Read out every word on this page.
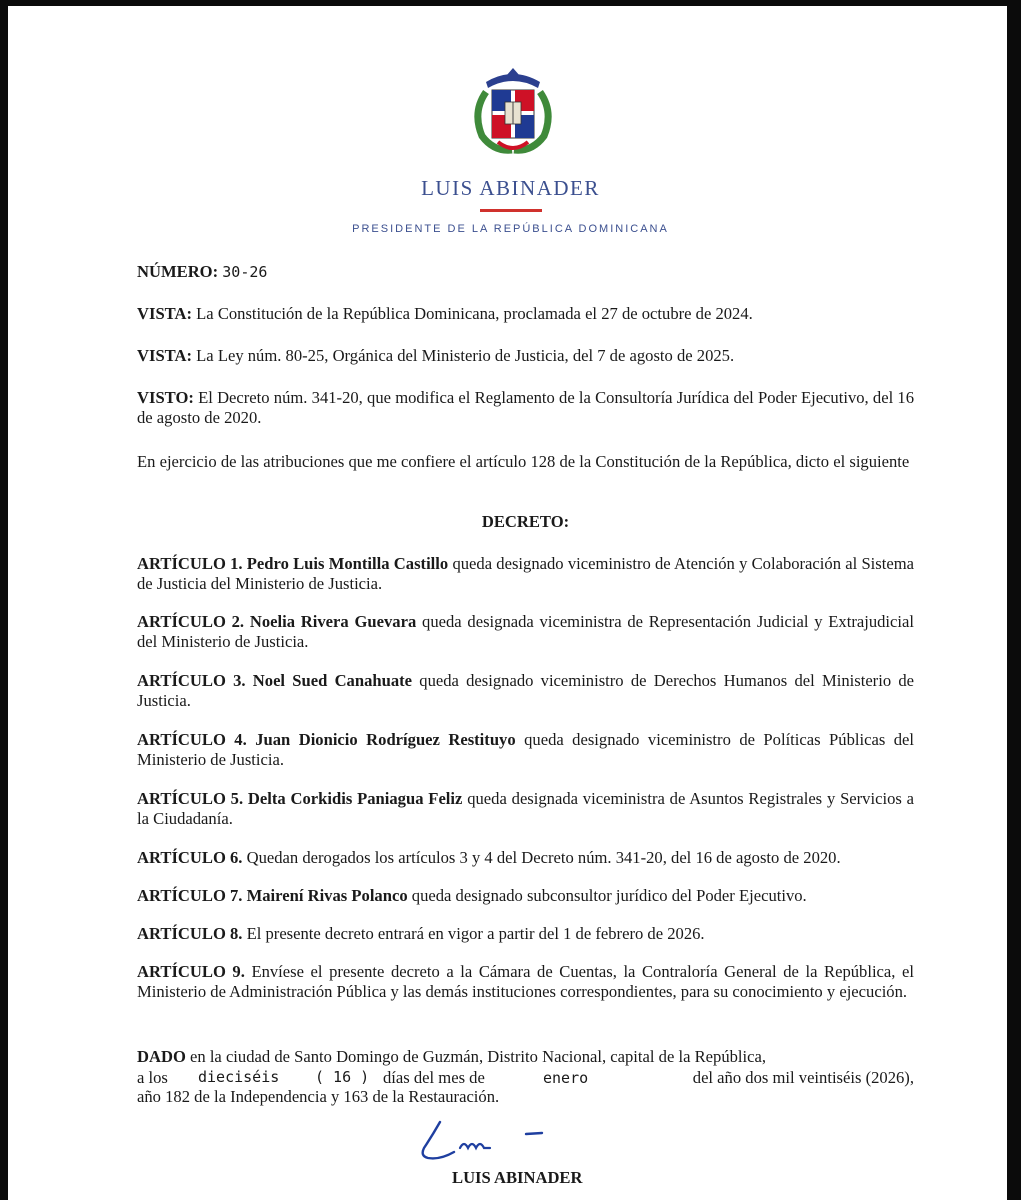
LUIS ABINADER
PRESIDENTE DE LA REPÚBLICA DOMINICANA
NÚMERO: 30-26
VISTA: La Constitución de la República Dominicana, proclamada el 27 de octubre de 2024.
VISTA: La Ley núm. 80-25, Orgánica del Ministerio de Justicia, del 7 de agosto de 2025.
VISTO: El Decreto núm. 341-20, que modifica el Reglamento de la Consultoría Jurídica del Poder Ejecutivo, del 16 de agosto de 2020.
En ejercicio de las atribuciones que me confiere el artículo 128 de la Constitución de la República, dicto el siguiente
DECRETO:
ARTÍCULO 1. Pedro Luis Montilla Castillo queda designado viceministro de Atención y Colaboración al Sistema de Justicia del Ministerio de Justicia.
ARTÍCULO 2. Noelia Rivera Guevara queda designada viceministra de Representación Judicial y Extrajudicial del Ministerio de Justicia.
ARTÍCULO 3. Noel Sued Canahuate queda designado viceministro de Derechos Humanos del Ministerio de Justicia.
ARTÍCULO 4. Juan Dionicio Rodríguez Restituyo queda designado viceministro de Políticas Públicas del Ministerio de Justicia.
ARTÍCULO 5. Delta Corkidis Paniagua Feliz queda designada viceministra de Asuntos Registrales y Servicios a la Ciudadanía.
ARTÍCULO 6. Quedan derogados los artículos 3 y 4 del Decreto núm. 341-20, del 16 de agosto de 2020.
ARTÍCULO 7. Mairení Rivas Polanco queda designado subconsultor jurídico del Poder Ejecutivo.
ARTÍCULO 8. El presente decreto entrará en vigor a partir del 1 de febrero de 2026.
ARTÍCULO 9. Envíese el presente decreto a la Cámara de Cuentas, la Contraloría General de la República, el Ministerio de Administración Pública y las demás instituciones correspondientes, para su conocimiento y ejecución.
DADO en la ciudad de Santo Domingo de Guzmán, Distrito Nacional, capital de la República,
a los	dieciséis ( 16 ) días del mes de	enero	del año dos mil veintiséis (2026),
año 182 de la Independencia y 163 de la Restauración.
LUIS ABINADER
